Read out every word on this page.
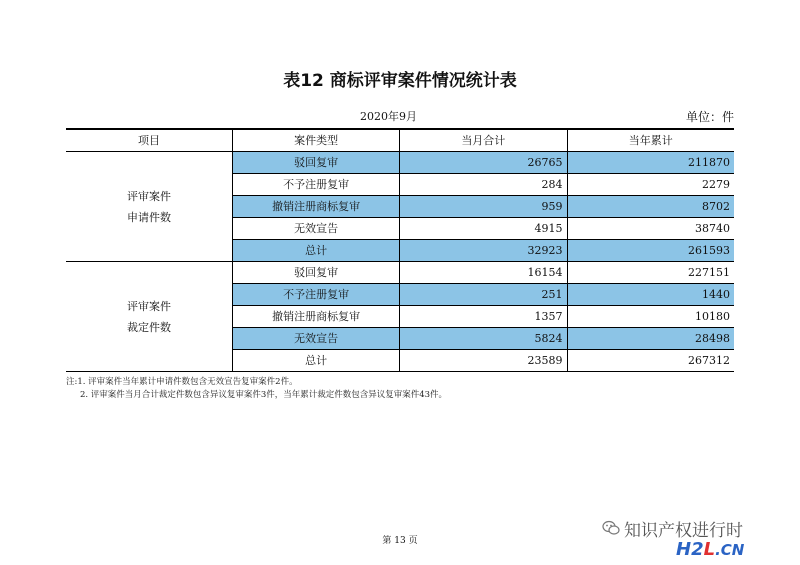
表12 商标评审案件情况统计表
2020年9月	单位：件
项目	案件类型	当月合计	当年累计
评审案件
申请件数	驳回复审	26765	211870
	不予注册复审	284	2279
	撤销注册商标复审	959	8702
	无效宣告	4915	38740
	总计	32923	261593
评审案件
裁定件数	驳回复审	16154	227151
	不予注册复审	251	1440
	撤销注册商标复审	1357	10180
	无效宣告	5824	28498
	总计	23589	267312
注:1. 评审案件当年累计申请件数包含无效宣告复审案件2件。
2. 评审案件当月合计裁定件数包含异议复审案件3件，当年累计裁定件数包含异议复审案件43件。
第 13 页	知识产权进行时
H2L.CN
